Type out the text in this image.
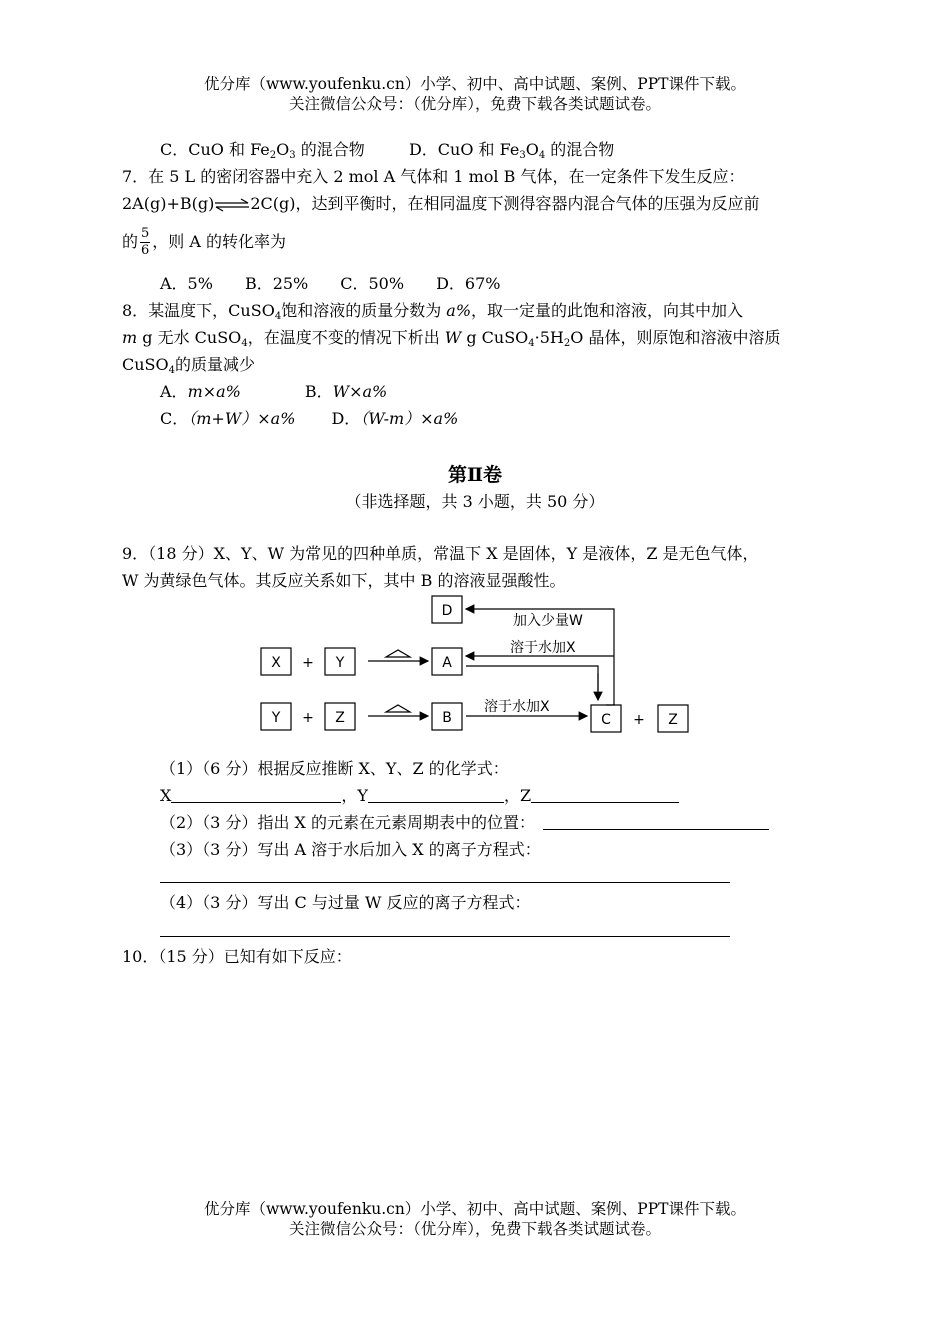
优分库（www.youfenku.cn）小学、初中、高中试题、案例、PPT课件下载。
关注微信公众号：（优分库），免费下载各类试题试卷。
C．CuO 和 $Fe_2O_3$ 的混合物	D．CuO 和 $Fe_3O_4$ 的混合物
7．在 5 L 的密闭容器中充入 2 mol A 气体和 1 mol B 气体，在一定条件下发生反应：
2A(g)+B(g)⇌2C(g)，达到平衡时，在相同温度下测得容器内混合气体的压强为反应前
的 $\frac{5}{6}$ ，则 A 的转化率为
A．5%　　B．25%　　C．50%　　D．67%
8．某温度下，CuSO$_4$饱和溶液的质量分数为 a%，取一定量的此饱和溶液，向其中加入
m g 无水 CuSO$_4$，在温度不变的情况下析出 W g $CuSO_4\cdot 5H_2O$ 晶体，则原饱和溶液中溶质
CuSO$_4$的质量减少
A．m×a%	B．W×a%
C．（m+W）×a% D．（W-m）×a%
第Ⅱ卷
（非选择题，共 3 小题，共 50 分）
9．（18 分）X、Y、W 为常见的四种单质，常温下 X 是固体，Y 是液体，Z 是无色气体，
W 为黄绿色气体。其反应关系如下，其中 B 的溶液显强酸性。
D
X + Y	A
Y + Z	B	C + Z
加入少量W
溶于水加X
溶于水加X
（1）（6 分）根据反应推断 X、Y、Z 的化学式：
X	，Y	，Z
（2）（3 分）指出 X 的元素在元素周期表中的位置：
（3）（3 分）写出 A 溶于水后加入 X 的离子方程式：
（4）（3 分）写出 C 与过量 W 反应的离子方程式：
10．（15 分）已知有如下反应：
优分库（www.youfenku.cn）小学、初中、高中试题、案例、PPT课件下载。
关注微信公众号：（优分库），免费下载各类试题试卷。
